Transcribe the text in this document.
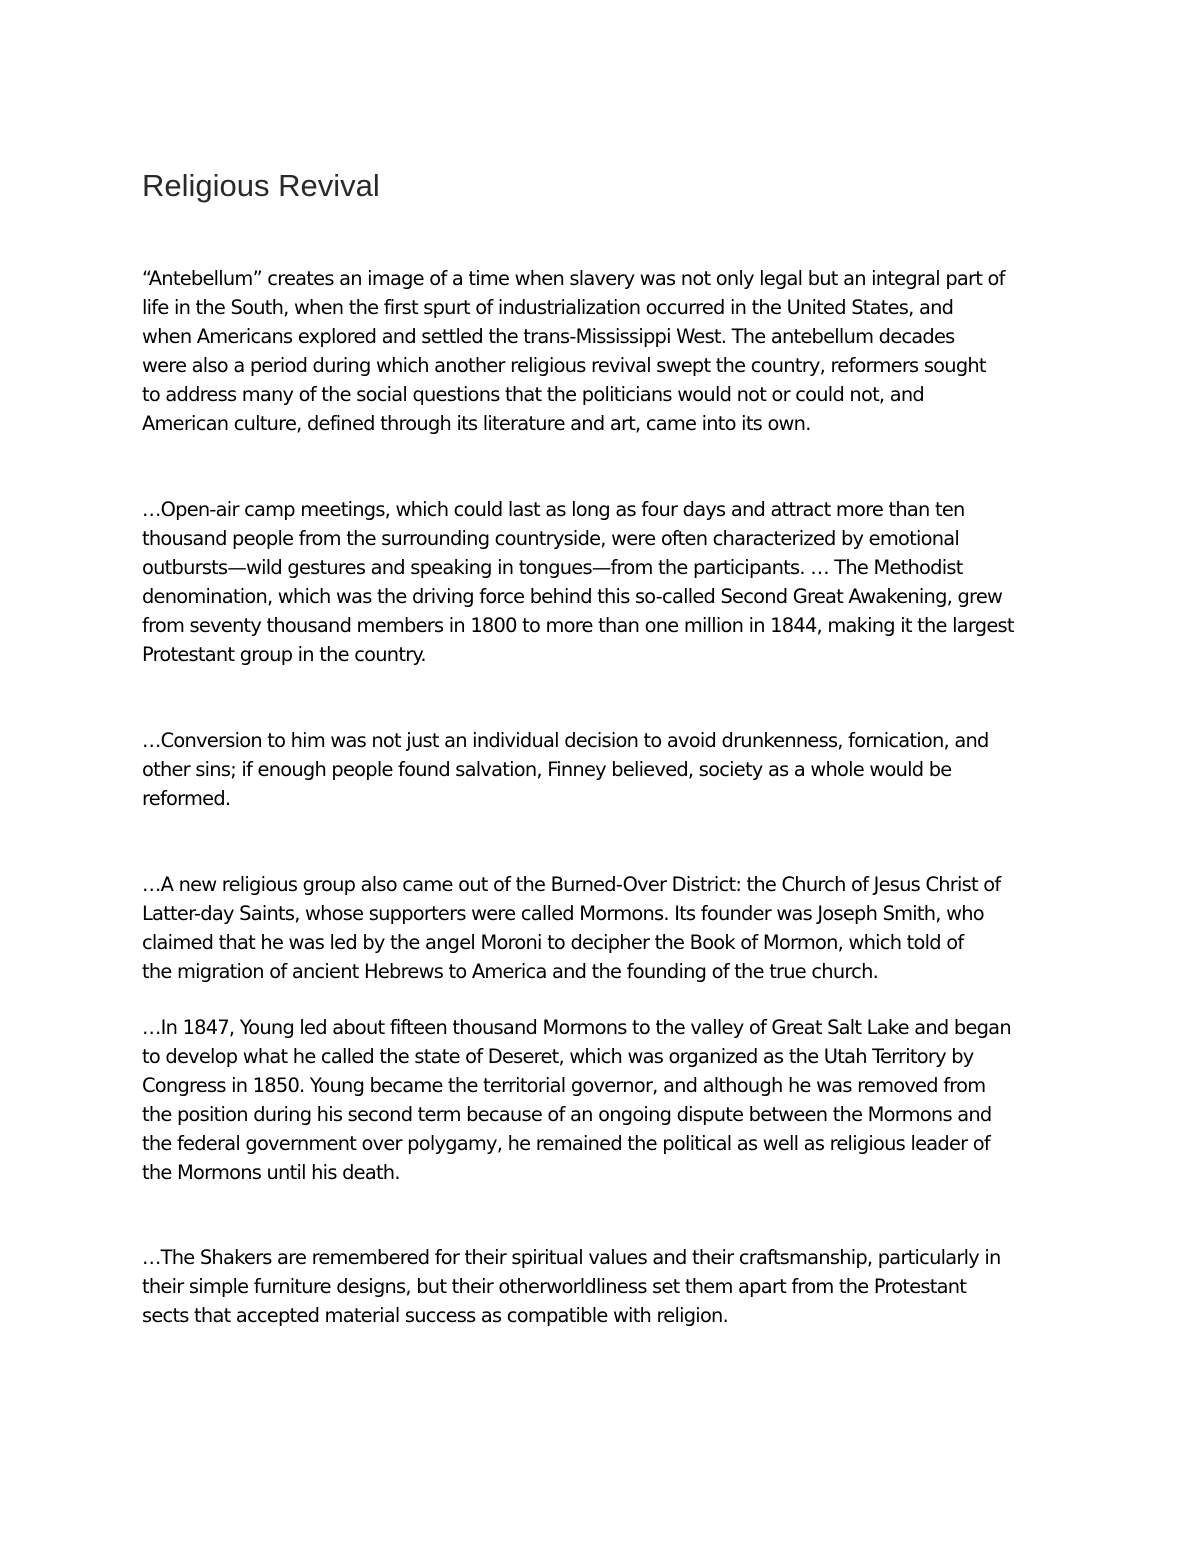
Religious Revival

“Antebellum” creates an image of a time when slavery was not only legal but an integral part of
life in the South, when the first spurt of industrialization occurred in the United States, and
when Americans explored and settled the trans-Mississippi West. The antebellum decades
were also a period during which another religious revival swept the country, reformers sought
to address many of the social questions that the politicians would not or could not, and
American culture, defined through its literature and art, came into its own.

…Open-air camp meetings, which could last as long as four days and attract more than ten
thousand people from the surrounding countryside, were often characterized by emotional
outbursts—wild gestures and speaking in tongues—from the participants. … The Methodist
denomination, which was the driving force behind this so-called Second Great Awakening, grew
from seventy thousand members in 1800 to more than one million in 1844, making it the largest
Protestant group in the country.

…Conversion to him was not just an individual decision to avoid drunkenness, fornication, and
other sins; if enough people found salvation, Finney believed, society as a whole would be
reformed.

…A new religious group also came out of the Burned-Over District: the Church of Jesus Christ of
Latter-day Saints, whose supporters were called Mormons. Its founder was Joseph Smith, who
claimed that he was led by the angel Moroni to decipher the Book of Mormon, which told of
the migration of ancient Hebrews to America and the founding of the true church.

…In 1847, Young led about fifteen thousand Mormons to the valley of Great Salt Lake and began
to develop what he called the state of Deseret, which was organized as the Utah Territory by
Congress in 1850. Young became the territorial governor, and although he was removed from
the position during his second term because of an ongoing dispute between the Mormons and
the federal government over polygamy, he remained the political as well as religious leader of
the Mormons until his death.

…The Shakers are remembered for their spiritual values and their craftsmanship, particularly in
their simple furniture designs, but their otherworldliness set them apart from the Protestant
sects that accepted material success as compatible with religion.
